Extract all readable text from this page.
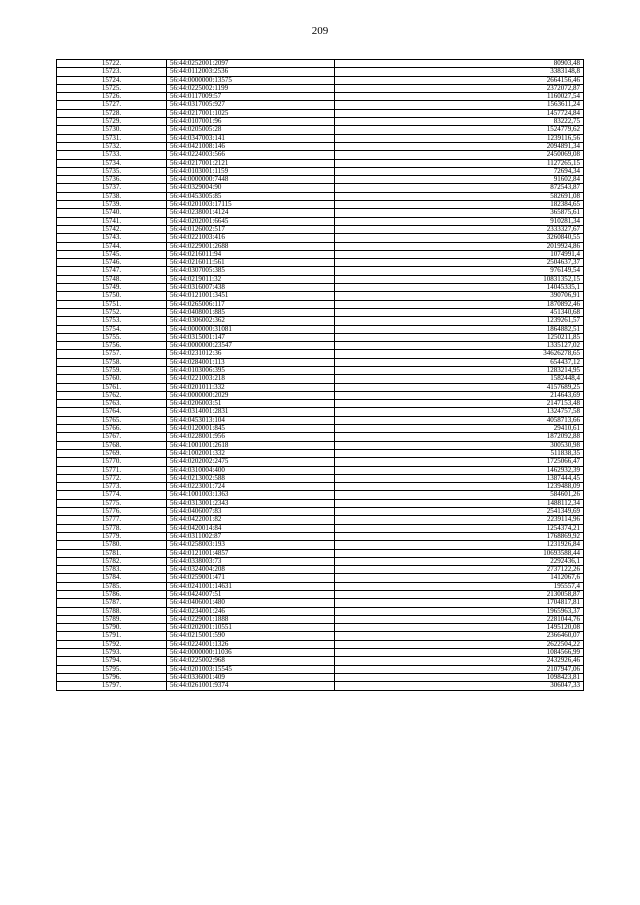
209
15722.	56:44:0252001:2097	80903,48
15723.	56:44:0112003:2536	3383148,8
15724.	56:44:0000000:13575	2664156,46
15725.	56:44:0225002:1199	2372072,87
15726.	56:44:0117009:57	1160027,54
15727.	56:44:0317005:927	1563611,24
15728.	56:44:0217001:1025	1457724,84
15729.	56:44:0107001:96	83222,75
15730.	56:44:0205005:28	1524779,62
15731.	56:44:0347003:141	1239116,56
15732.	56:44:0421008:146	2094891,34
15733.	56:44:0224003:566	2450069,08
15734.	56:44:0217001:2121	1127265,15
15735.	56:44:0103001:1159	72694,34
15736.	56:44:0000000:7448	91602,84
15737.	56:44:0329004:90	872543,87
15738.	56:44:0453005:85	582691,08
15739.	56:44:0201003:17115	182384,65
15740.	56:44:0238001:4124	365875,61
15741.	56:44:0202001:6645	910281,34
15742.	56:44:0126002:517	2333327,67
15743.	56:44:0221003:416	3260840,55
15744.	56:44:0229001:2688	2019924,86
15745.	56:44:0216011:94	1074991,4
15746.	56:44:0216011:561	2504637,37
15747.	56:44:0307005:385	976149,54
15748.	56:44:0219011:32	10831352,15
15749.	56:44:0316007:438	14045335,1
15750.	56:44:0121001:3451	390706,91
15751.	56:44:0265006:117	1870892,46
15752.	56:44:0408001:885	451340,68
15753.	56:44:0306002:362	1239261,57
15754.	56:44:0000000:31081	1864882,51
15755.	56:44:0315001:147	1250211,85
15756.	56:44:0000000:23547	1335127,02
15757.	56:44:0231012:36	34626278,65
15758.	56:44:0284001:113	654437,12
15759.	56:44:0103006:395	1283214,95
15760.	56:44:0221003:218	1582448,4
15761.	56:44:0201011:332	4157689,25
15762.	56:44:0000000:2029	214643,69
15763.	56:44:0206003:51	2147153,48
15764.	56:44:0314001:2831	1324757,58
15765.	56:44:0453013:104	4058713,66
15766.	56:44:0120001:845	29410,61
15767.	56:44:0228001:956	1872092,88
15768.	56:44:1001001:2618	300530,98
15769.	56:44:1002001:332	511838,35
15770.	56:44:0202002:2475	1725066,47
15771.	56:44:0310004:400	1462932,39
15772.	56:44:0213002:588	1387444,45
15773.	56:44:0223001:724	1239488,09
15774.	56:44:1001003:1363	584601,26
15775.	56:44:0313001:2343	1488112,34
15776.	56:44:0406007:83	2541349,69
15777.	56:44:0422001:82	2239114,96
15778.	56:44:0420014:84	1254374,21
15779.	56:44:0311002:87	1768869,92
15780.	56:44:0258003:193	1231926,84
15781.	56:44:0121001:4857	10693588,44
15782.	56:44:0338003:73	2292436,1
15783.	56:44:0324004:208	2737122,26
15784.	56:44:0259001:471	1412067,6
15785.	56:44:0241001:14631	195557,4
15786.	56:44:0424007:51	2130058,87
15787.	56:44:0406001:480	1704817,81
15788.	56:44:0234001:246	1965963,37
15789.	56:44:0229001:1888	2281044,76
15790.	56:44:0202001:10551	1495120,08
15791.	56:44:0215001:590	2366460,07
15792.	56:44:0224001:1326	2622504,22
15793.	56:44:0000000:11036	1084566,99
15794.	56:44:0225002:968	2432926,46
15795.	56:44:0201003:15545	2107947,06
15796.	56:44:0336001:409	1098423,81
15797.	56:44:0261001:9374	306047,33
